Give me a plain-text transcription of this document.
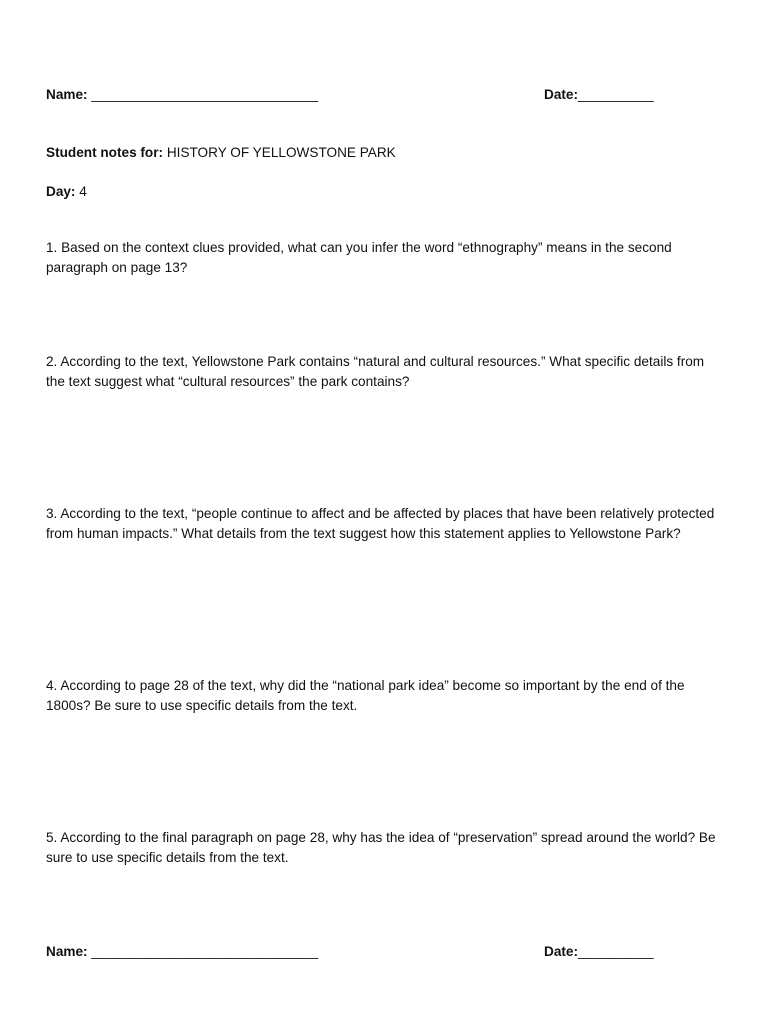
Name: ______________________________	Date:__________
Student notes for: HISTORY OF YELLOWSTONE PARK
Day: 4

1. Based on the context clues provided, what can you infer the word “ethnography” means in the second paragraph on page 13?

2. According to the text, Yellowstone Park contains “natural and cultural resources.” What specific details from the text suggest what “cultural resources” the park contains?

3. According to the text, “people continue to affect and be affected by places that have been relatively protected from human impacts.” What details from the text suggest how this statement applies to Yellowstone Park?

4. According to page 28 of the text, why did the “national park idea” become so important by the end of the 1800s? Be sure to use specific details from the text.

5. According to the final paragraph on page 28, why has the idea of “preservation” spread around the world? Be sure to use specific details from the text.

Name: ______________________________	Date:__________
